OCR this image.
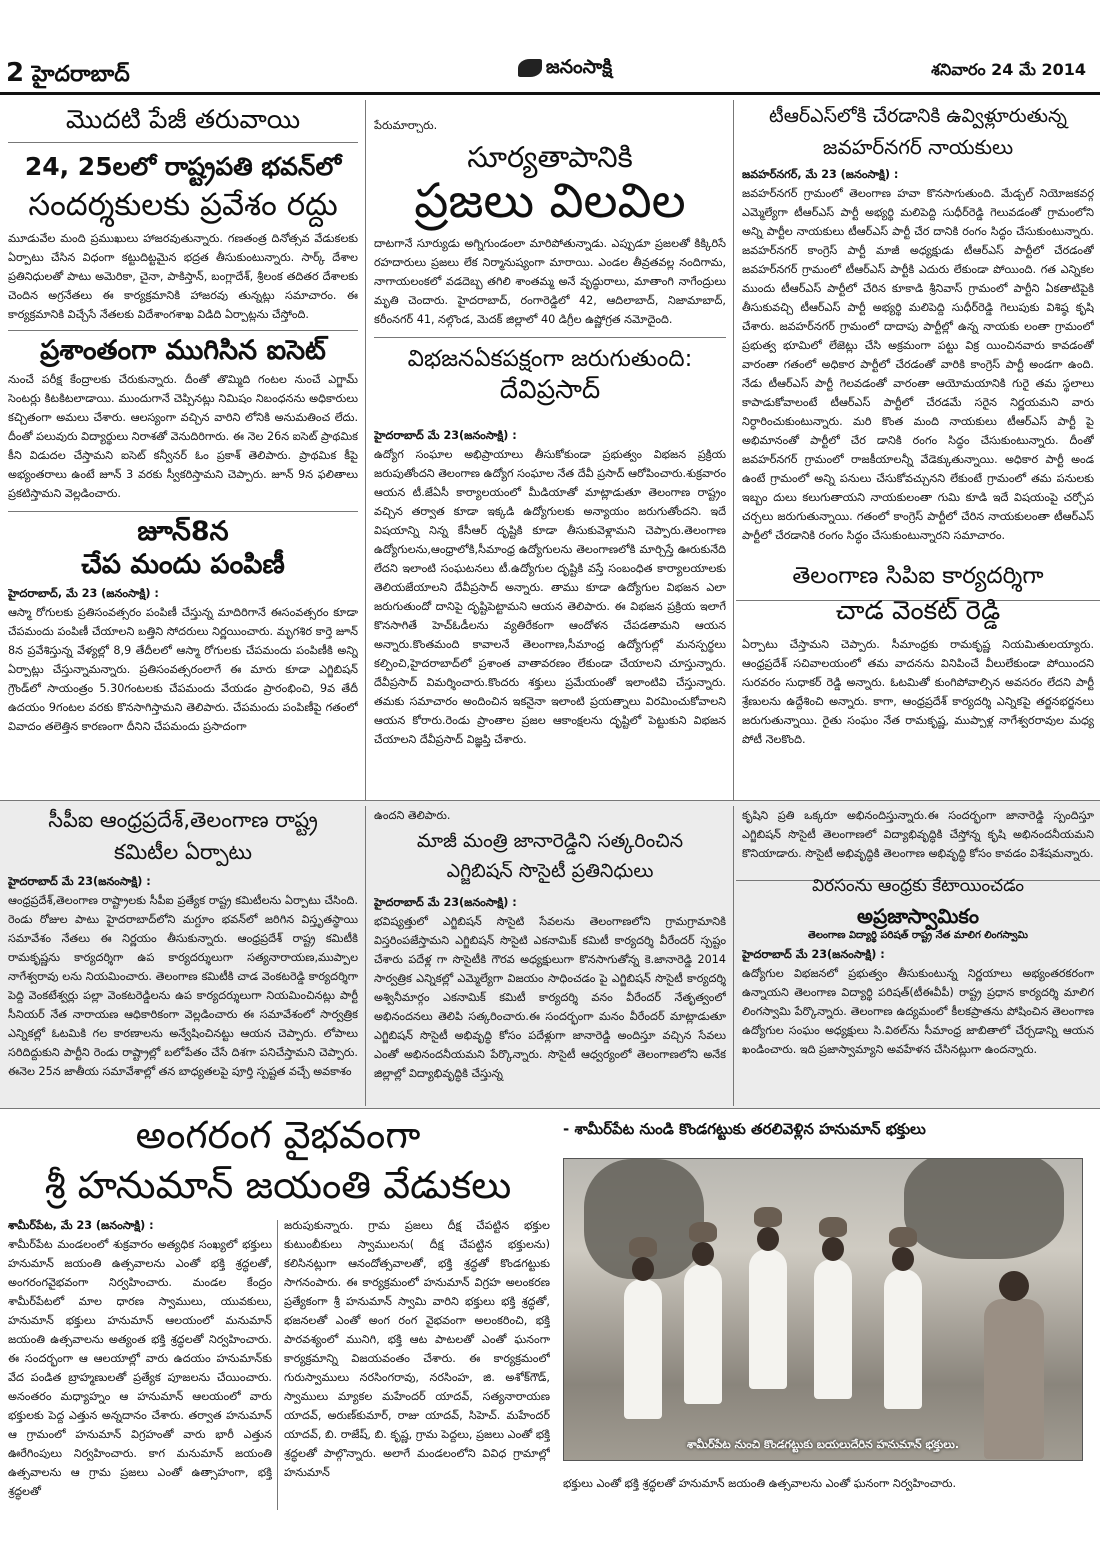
2 హైదరాబాద్	జనంసాక్షి	శనివారం 24 మే 2014
మొదటి పేజీ తరువాయి
24, 25లలో రాష్ట్రపతి భవన్‌లో
సందర్శకులకు ప్రవేశం రద్దు

మూడువేల మంది ప్రముఖులు హాజరవుతున్నారు. గణతంత్ర దినోత్సవ వేడుకలకు ఏర్పాటు చేసిన విధంగా కట్టుదిట్టమైన భద్రత తీసుకుంటున్నారు. సార్క్ దేశాల ప్రతినిధులతో పాటు అమెరికా, చైనా, పాకిస్తాన్, బంగ్లాదేశ్, శ్రీలంక తదితర దేశాలకు చెందిన అగ్రనేతలు ఈ కార్యక్రమానికి హాజరవు తున్నట్లు సమాచారం. ఈ కార్యక్రమానికి విచ్చేసే నేతలకు విదేశాంగశాఖ విడిది ఏర్పాట్లను చేస్తోంది.

ప్రశాంతంగా ముగిసిన ఐసెట్

నుంచే పరీక్ష కేంద్రాలకు చేరుకున్నారు. దీంతో తొమ్మిది గంటల నుంచే ఎగ్జామ్ సెంటర్లు కిటకిటలాడాయి. ముందుగానే చెప్పినట్లు నిమిషం నిబంధనను అధికారులు కచ్చితంగా అమలు చేశారు. ఆలస్యంగా వచ్చిన వారిని లోనికి అనుమతించ లేదు. దీంతో పలువురు విద్యార్థులు నిరాశతో వెనుదిరిగారు. ఈ నెల 26న ఐసెట్ ప్రాథమిక కీని విడుదల చేస్తామని ఐసెట్ కన్వీనర్ ఓం ప్రకాశ్ తెలిపారు. ప్రాథమిక కీపై అభ్యంతరాలు ఉంటే జూన్ 3 వరకు స్వీకరిస్తామని చెప్పారు. జూన్ 9న ఫలితాలు ప్రకటిస్తామని వెల్లడించారు.

జూన్8న
చేప మందు పంపిణీ

హైదరాబాద్, మే 23 (జనంసాక్షి) :

ఆస్మా రోగులకు ప్రతిసంవత్సరం పంపిణీ చేస్తున్న మాదిరిగానే ఈసంవత్సరం కూడా చేపమందు పంపిణీ చేయాలని బత్తిని సోదరులు నిర్ణయించారు. మృగశిర కార్తె జూన్ 8న ప్రవేశిస్తున్న వేళ్యల్లో 8,9 తేదీలలో ఆస్మా రోగులకు చేపమందు పంపిణీకి అన్ని ఏర్పాట్లు చేస్తున్నామన్నారు. ప్రతిసంవత్సరంలాగే ఈ మారు కూడా ఎగ్జిబిషన్ గ్రౌండ్‌లో సాయంత్రం 5.30గంటలకు చేపమందు వేయడం ప్రారంభించి, 9వ తేదీ ఉదయం 9గంటల వరకు కొనసాగిస్తామని తెలిపారు. చేపమందు పంపిణీపై గతంలో వివాదం తలెత్తిన కారణంగా దీనిని చేపమందు ప్రసాదంగా

పేరుమార్చారు.

సూర్యతాపానికి
ప్రజలు విలవిల

దాటగానే సూర్యుడు అగ్నిగుండంలా మారిపోతున్నాడు. ఎప్పుడూ ప్రజలతో కిక్కిరిసే రహదారులు ప్రజలు లేక నిర్మానుష్యంగా మారాయి. ఎండల తీవ్రతవల్ల నందిగామ, నాగాయలంకలో వడదెబ్బ తగిలి శాంతమ్మ అనే వృద్ధురాలు, మాతాంగి నాగేంద్రులు మృతి చెందారు. హైదరాబాద్, రంగారెడ్డిలో 42, ఆదిలాబాద్, నిజామాబాద్, కరీంనగర్ 41, నల్గొండ, మెదక్ జిల్లాలో 40 డిగ్రీల ఉష్ణోగ్రత నమోదైంది.

విభజనఏకపక్షంగా జరుగుతుంది:
దేవిప్రసాద్

హైదరాబాద్ మే 23(జనంసాక్షి) :

ఉద్యోగ సంఘాల అభిప్రాయాలు తీసుకోకుండా ప్రభుత్వం విభజన ప్రక్రియ జరుపుతోందని తెలంగాణ ఉద్యోగ సంఘాల నేత దేవీ ప్రసాద్ ఆరోపించారు.శుక్రవారం ఆయన టీ.జేఏసీ కార్యాలయంలో మీడియాతో మాట్లాడుతూ తెలంగాణ రాష్ట్రం వచ్చిన తర్వాత కూడా ఇక్కడి ఉద్యోగులకు అన్యాయం జరుగుతోందని. ఇదే విషయాన్ని నిన్న కేసీఆర్ దృష్టికి కూడా తీసుకువెళ్లామని చెప్పారు.తెలంగాణ ఉద్యోగులను,ఆంధ్రాలోకి,సీమాంధ్ర ఉద్యోగులను తెలంగాణలోకి మార్చిస్తే ఊరుకునేది లేదని ఇలాంటి సంఘటనలు టీ.ఉద్యోగుల దృష్టికి వస్తే సంబంధిత కార్యాలయాలకు తెలియజేయాలని దేవీప్రసాద్ అన్నారు. తాము కూడా ఉద్యోగుల విభజన ఎలా జరుగుతుందో దానిపై దృష్టిపెట్టామని ఆయన తెలిపారు. ఈ విభజన ప్రక్రియ ఇలాగే కొనసాగితే హెచ్ఓడీలను వ్యతిరేకంగా ఆందోళన చేపడతామని ఆయన అన్నారు.కొంతమంది కావాలనే తెలంగాణ,సీమాంధ్ర ఉద్యోగుల్లో మనస్పర్థలు కల్పించి,హైదరాబాద్‌లో ప్రశాంత వాతావరణం లేకుండా చేయాలని చూస్తున్నారు. దేవీప్రసాద్ విమర్శించారు.కొందరు శక్తులు ప్రమేయంతో ఇలాంటివి చేస్తున్నారు. తమకు సమాచారం అందించిన ఇకనైనా ఇలాంటి ప్రయత్నాలు విరమించుకోవాలని ఆయన కోరారు.రెండు ప్రాంతాల ప్రజల ఆకాంక్షలను దృష్టిలో పెట్టుకుని విభజన చేయాలని దేవీప్రసాద్ విజ్ఞప్తి చేశారు.

టీఆర్ఎస్‌లోకి చేరడానికి ఉవ్విళ్లూరుతున్న
జవహర్‌నగర్ నాయకులు

జవహర్‌నగర్, మే 23 (జనంసాక్షి) :

జవహర్‌నగర్ గ్రామంలో తెలంగాణ హవా కొనసాగుతుంది. మేడ్చల్ నియోజకవర్గ ఎమ్మెల్యేగా టీఆర్ఎస్ పార్టీ అభ్యర్థి మలిపెద్ది సుధీర్‌రెడ్డి గెలువడంతో గ్రామంలోని అన్ని పార్టీల నాయకులు టీఆర్ఎస్ పార్టీ చేర దానికి రంగం సిద్ధం చేసుకుంటున్నారు. జవహర్‌నగర్ కాంగ్రెస్ పార్టీ మాజీ అధ్యక్షుడు టీఆర్ఎస్ పార్టీలో చేరడంతో జవహర్‌నగర్ గ్రామంలో టీఆర్ఎస్ పార్టీకి ఎదురు లేకుండా పోయింది. గత ఎన్నికల ముందు టీఆర్ఎస్ పార్టీలో చేరిన కూకాడి శ్రీనివాస్ గ్రామంలో పార్టీని ఏకతాటిపైకి తీసుకువచ్చి టీఆర్ఎస్ పార్టీ అభ్యర్థి మలిపెద్ది సుధీర్‌రెడ్డి గెలుపుకు విశిష్ఠ కృషి చేశారు. జవహర్‌నగర్ గ్రామంలో దాదాపు పార్టీల్లో ఉన్న నాయకు లంతా గ్రామంలో ప్రభుత్వ భూమిలో లేజెట్లు చేసి అక్రమంగా పట్టు విక్ర యించినవారు కావడంతో వారంతా గతంలో అధికార పార్టీలో చేరడంతో వారికి కాంగ్రెస్ పార్టీ అండగా ఉంది. నేడు టీఆర్ఎస్ పార్టీ గెలవడంతో వారంతా ఆయోమయానికి గురై తమ స్థలాలు కాపాడుకోవాలంటే టీఆర్ఎస్ పార్టీలో చేరడమే సరైన నిర్ణయమని వారు నిర్ధారించుకుంటున్నారు. మరి కొంత మంది నాయకులు టీఆర్ఎస్ పార్టీ పై అభిమానంతో పార్టీలో చేర డానికి రంగం సిద్ధం చేసుకుంటున్నారు. దీంతో జవహర్‌నగర్ గ్రామంలో రాజకీయాలన్నీ వేడెక్కుతున్నాయి. అధికార పార్టీ అండ ఉంటే గ్రామంలో అన్ని పనులు చేసుకోవచ్చునని లేకుంటే గ్రామంలో తమ పనులకు ఇబ్బం దులు కలుగుతాయని నాయకులంతా గుమి కూడి ఇదే విషయంపై చర్చోప చర్చలు జరుగుతున్నాయి. గతంలో కాంగ్రెస్ పార్టీలో చేరిన నాయకులంతా టీఆర్ఎస్ పార్టీలో చేరడానికి రంగం సిద్ధం చేసుకుంటున్నారని సమాచారం.

తెలంగాణ సిపిఐ కార్యదర్శిగా
చాడ వెంకట్ రెడ్డి

ఏర్పాటు చేస్తామని చెప్పారు. సీమాంధ్రకు రామకృష్ణ నియమితులయ్యారు. ఆంధ్రప్రదేశ్ సచివాలయంలో తమ వాదనను వినిపించే వీలులేకుండా పోయిందని సురవరం సుధాకర్ రెడ్డి అన్నారు. ఓటమితో కుంగిపోవాల్సిన అవసరం లేదని పార్టీ శ్రేణులను ఉద్దేశించి అన్నారు. కాగా, ఆంధ్రప్రదేశ్ కార్యదర్శి ఎన్నికపై తర్జనభర్జనలు జరుగుతున్నాయి. రైతు సంఘం నేత రామకృష్ణ, ముప్పాళ్ల నాగేశ్వరరావుల మధ్య పోటీ నెలకొంది.

సీపీఐ ఆంధ్రప్రదేశ్,తెలంగాణ రాష్ట్ర
కమిటీల ఏర్పాటు

హైదరాబాద్ మే 23(జనంసాక్షి) :

ఆంధ్రప్రదేశ్,తెలంగాణ రాష్ట్రాలకు సీపీఐ ప్రత్యేక రాష్ట్ర కమిటీలను ఏర్పాటు చేసింది. రెండు రోజుల పాటు హైదరాబాద్‌లోని మగ్దూం భవన్‌లో జరిగిన విస్తృతస్థాయి సమావేశం నేతలు ఈ నిర్ణయం తీసుకున్నారు. ఆంధ్రప్రదేశ్ రాష్ట్ర కమిటీకి రామకృష్ణను కార్యదర్శిగా ఉప కార్యదర్శులుగా సత్యనారాయణ,ముప్పాల నాగేశ్వరావు లను నియమించారు. తెలంగాణ కమిటీకి చాడ వెంకటరెడ్డి కార్యదర్శిగా పెద్ది వెంకటేశ్వర్లు పల్లా వెంకటరెడ్డిలను ఉప కార్యదర్శులుగా నియమించినట్లు పార్టీ సీనియర్ నేత నారాయణ ఆధికారికంగా వెల్లడించారు ఈ సమావేశంలో సార్వత్రిక ఎన్నికల్లో ఓటమికి గల కారణాలను అన్వేషించినట్టు ఆయన చెప్పారు. లోపాలు సరిదిద్దుకుని పార్టీని రెండు రాష్ట్రాల్లో బలోపేతం చేసే దిశగా పనిచేస్తామని చెప్పారు. ఈనెల 25న జాతీయ సమావేశాల్లో తన బాధ్యతలపై పూర్తి స్పష్టత వచ్చే అవకాశం

ఉందని తెలిపారు.

మాజీ మంత్రి జానారెడ్డిని సత్కరించిన
ఎగ్జిబిషన్ సొసైటీ ప్రతినిధులు

హైదరాబాద్ మే 23(జనంసాక్షి) :

భవిష్యత్తులో ఎగ్జిబిషన్ సొసైటి సేవలను తెలంగాణలోని గ్రామగ్రామానికి విస్తరింపజేస్తామని ఎగ్జిబిషన్ సొసైటి ఎకనామిక్ కమిటీ కార్యదర్శి వీరేందర్ స్పష్టం చేశారు పదేళ్ల గా సొసైటీకి గౌరవ అధ్యక్షులుగా కొనసాగుతోన్న కె.జానారెడ్డి 2014 సార్వత్రిక ఎన్నికల్లో ఎమ్మెల్యేగా విజయం సాధించడం పై ఎగ్జిబిషన్ సొసైటీ కార్యదర్శి అశ్వినీమార్గం ఎకనామిక్ కమిటీ కార్యదర్శి వనం వీరేందర్ నేతృత్వంలో అభినందనలు తెలిపి సత్కరించారు.ఈ సందర్భంగా మనం వీరేందర్ మాట్లాడుతూ ఎగ్జిబిషన్ సొసైటీ అభివృద్ధి కోసం పదేళ్లుగా జానారెడ్డి అందిస్తూ వచ్చిన సేవలు ఎంతో అభినందనీయమని పేర్కొన్నారు. సొసైటీ ఆధ్వర్యంలో తెలంగాణలోని అనేక జిల్లాల్లో విద్యాభివృద్ధికి చేస్తున్న

కృషిని ప్రతి ఒక్కరూ అభినందిస్తున్నారు.ఈ సందర్భంగా జానారెడ్డి స్పందిస్తూ ఎగ్జిబిషన్ సొసైటీ తెలంగాణలో విద్యాభివృద్ధికి చేస్తోన్న కృషి అభినందనీయమని కొనియాడారు. సొసైటీ అభివృద్ధికి తెలంగాణ అభివృద్ధి కోసం కావడం విశేషమన్నారు.

విరసంను ఆంధ్రకు కేటాయించడం
అప్రజాస్వామికం
తెలంగాణ విద్యార్థి పరిషత్ రాష్ట్ర నేత మాలిగ లింగస్వామి

హైదరాబాద్ మే 23(జనంసాక్షి) :

ఉద్యోగుల విభజనలో ప్రభుత్వం తీసుకుంటున్న నిర్ణయాలు అభ్యంతరకరంగా ఉన్నాయని తెలంగాణ విద్యార్థి పరిషత్(టీఈవీపీ) రాష్ట్ర ప్రధాన కార్యదర్శి మాలిగ లింగస్వామి పేర్కొన్నారు. తెలంగాణ ఉద్యమంలో కీలకప్రాతను పోషించిన తెలంగాణ ఉద్యోగుల సంఘం అధ్యక్షులు సి.విఠల్‌ను సీమాంధ్ర జాబితాలో చేర్చడాన్ని ఆయన ఖండించారు. ఇది ప్రజాస్వామ్యాని అవహేళన చేసినట్లుగా ఉందన్నారు.

అంగరంగ వైభవంగా
శ్రీ హనుమాన్ జయంతి వేడుకలు

శామీర్‌పేట, మే 23 (జనంసాక్షి) :

శామీర్‌పేట మండలంలో శుక్రవారం అత్యధిక సంఖ్యలో భక్తులు హనుమాన్ జయంతి ఉత్సవాలను ఎంతో భక్తి శ్రద్ధలతో, అంగరంగవైభవంగా నిర్వహించారు. మండల కేంద్రం శామీర్‌పేటలో మాల ధారణ స్వాములు, యువకులు, హనుమాన్ భక్తులు హనుమాన్ ఆలయంలో మనుమాన్ జయంతి ఉత్సవాలను అత్యంత భక్తి శ్రద్ధలతో నిర్వహించారు. ఈ సందర్భంగా ఆ ఆలయాల్లో వారు ఉదయం హనుమాన్‌కు వేద పండిత బ్రాహ్మణులతో ప్రత్యేక పూజలను చేయించారు. అనంతరం మధ్యాహ్నం ఆ హనుమాన్ ఆలయంలో వారు భక్తులకు పెద్ద ఎత్తున అన్నదానం చేశారు. తర్వాత హనుమాన్ ఆ గ్రామంలో హనుమాన్ విగ్రహంతో వారు భారీ ఎత్తున ఊరేగింపులు నిర్వహించారు. కాగ మనుమాన్ జయంతి ఉత్సవాలను ఆ గ్రామ ప్రజలు ఎంతో ఉత్సాహంగా, భక్తి శ్రద్ధలతో

జరుపుకున్నారు. గ్రామ ప్రజలు దీక్ష చేపట్టిన భక్తుల కుటుంబీకులు స్వాములను( దీక్ష చేపట్టిన భక్తులను) కలిసినట్లుగా ఆనందోత్సవాలతో, భక్తి శ్రద్ధతో కొండగట్టుకు సాగనంపారు. ఈ కార్యక్రమంలో హనుమాన్ విగ్రహ అలంకరణ ప్రత్యేకంగా శ్రీ హనుమాన్ స్వామి వారిని భక్తులు భక్తి శ్రద్ధతో, భజనలతో ఎంతో అంగ రంగ వైభవంగా అలంకరించి, భక్తి పారవశ్యంలో మునిగి, భక్తి ఆట పాటలతో ఎంతో ఘనంగా కార్యక్రమాన్ని విజయవంతం చేశారు. ఈ కార్యక్రమంలో గురుస్వాములు నరసింగరావు, నరసింహ, జి. అశోక్‌గౌడ్, స్వాములు మ్యాకల మహేందర్ యాదవ్, సత్యనారాయణ యాదవ్, అరుణ్‌కుమార్, రాజు యాదవ్, సిహెచ్. మహేందర్ యాదవ్, బి. రాజేష్, బి. కృష్ణ, గ్రామ పెద్దలు, ప్రజలు ఎంతో భక్తి శ్రద్ధలతో పాల్గొన్నారు. అలాగే మండలంలోని వివిధ గ్రామాల్లో హనుమాన్

- శామీర్‌పేట నుండి కొండగట్టుకు తరలివెళ్లిన హనుమాన్ భక్తులు
శామీర్‌పేట నుంచి కొండగట్టుకు బయలుదేరిన హనుమాన్ భక్తులు.

భక్తులు ఎంతో భక్తి శ్రద్ధలతో హనుమాన్ జయంతి ఉత్సవాలను ఎంతో ఘనంగా నిర్వహించారు.
